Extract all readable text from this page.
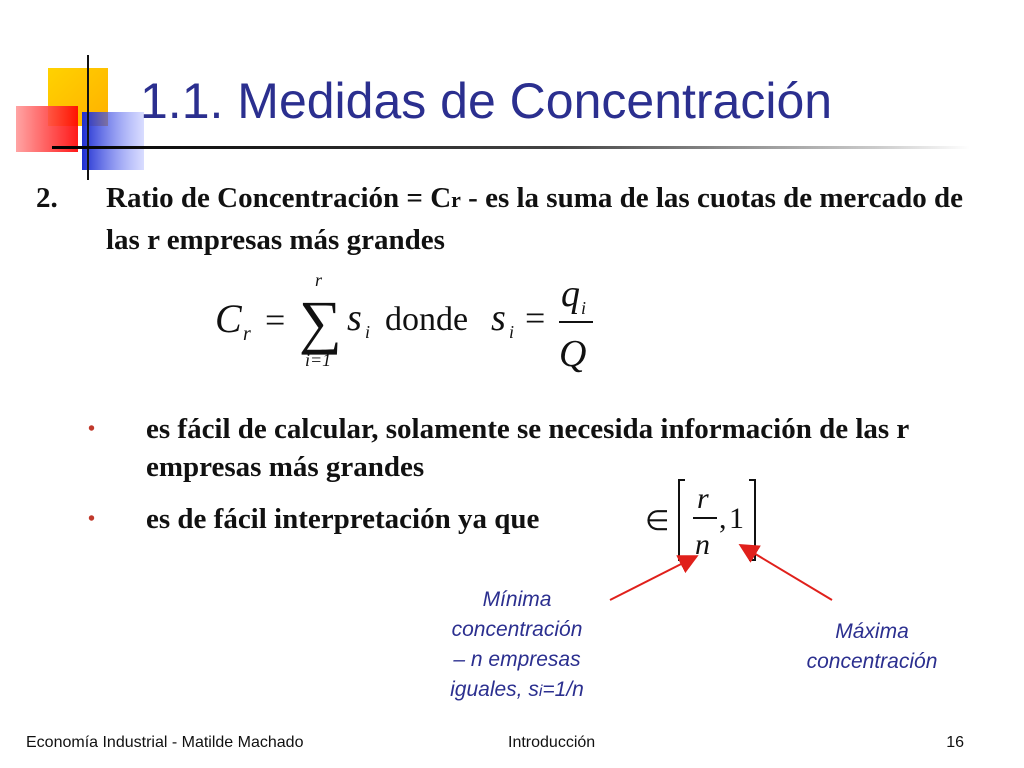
1.1. Medidas de Concentración
2. Ratio de Concentración = Cr - es la suma de las cuotas de mercado de las r empresas más grandes
C r =
r
∑
i=1
s i donde s i =
q i
Q
• es fácil de calcular, solamente se necesida información de las r empresas más grandes
• es de fácil interpretación ya que	∈
r
n
, 1
Mínima
concentración
– n empresas
iguales, si=1/n
Máxima
concentración
Economía Industrial - Matilde Machado	Introducción	16
